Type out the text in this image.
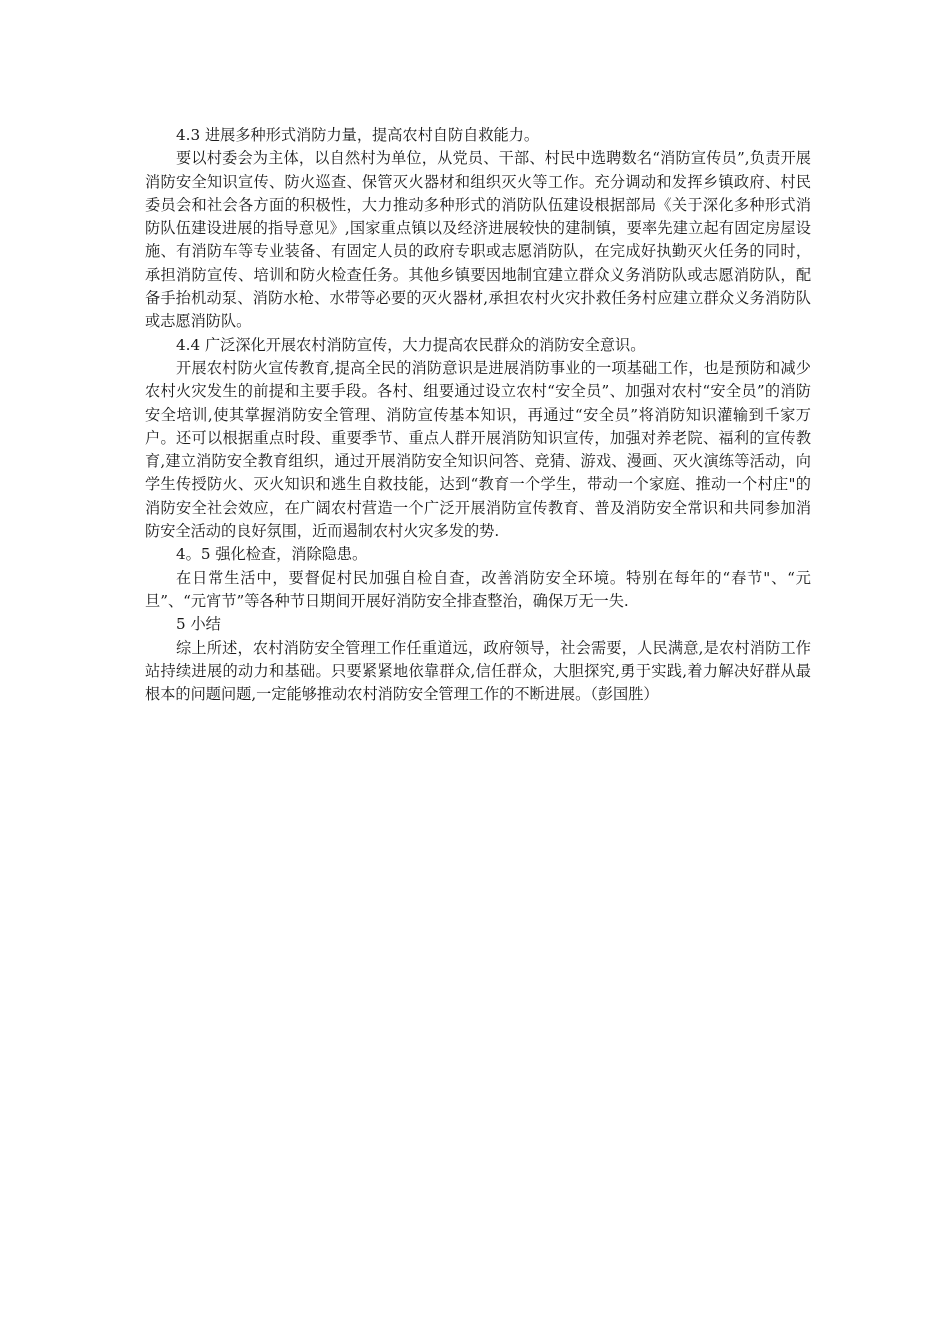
4.3 进展多种形式消防力量，提高农村自防自救能力。

要以村委会为主体，以自然村为单位，从党员、干部、村民中选聘数名“消防宣传员”,负责开展消防安全知识宣传、防火巡查、保管灭火器材和组织灭火等工作。充分调动和发挥乡镇政府、村民委员会和社会各方面的积极性，大力推动多种形式的消防队伍建设根据部局《关于深化多种形式消防队伍建设进展的指导意见》,国家重点镇以及经济进展较快的建制镇，要率先建立起有固定房屋设施、有消防车等专业装备、有固定人员的政府专职或志愿消防队，在完成好执勤灭火任务的同时，承担消防宣传、培训和防火检查任务。其他乡镇要因地制宜建立群众义务消防队或志愿消防队，配备手抬机动泵、消防水枪、水带等必要的灭火器材,承担农村火灾扑救任务村应建立群众义务消防队或志愿消防队。

4.4 广泛深化开展农村消防宣传，大力提高农民群众的消防安全意识。

开展农村防火宣传教育,提高全民的消防意识是进展消防事业的一项基础工作，也是预防和减少农村火灾发生的前提和主要手段。各村、组要通过设立农村“安全员”、加强对农村“安全员”的消防安全培训,使其掌握消防安全管理、消防宣传基本知识，再通过“安全员”将消防知识灌输到千家万户。还可以根据重点时段、重要季节、重点人群开展消防知识宣传，加强对养老院、福利的宣传教育,建立消防安全教育组织，通过开展消防安全知识问答、竞猜、游戏、漫画、灭火演练等活动，向学生传授防火、灭火知识和逃生自救技能，达到“教育一个学生，带动一个家庭、推动一个村庄"的消防安全社会效应，在广阔农村营造一个广泛开展消防宣传教育、普及消防安全常识和共同参加消防安全活动的良好氛围，近而遏制农村火灾多发的势.

4。5 强化检查，消除隐患。

在日常生活中，要督促村民加强自检自查，改善消防安全环境。特别在每年的“春节"、“元旦”、“元宵节”等各种节日期间开展好消防安全排查整治，确保万无一失.

5 小结

综上所述，农村消防安全管理工作任重道远，政府领导，社会需要，人民满意,是农村消防工作站持续进展的动力和基础。只要紧紧地依靠群众,信任群众，大胆探究,勇于实践,着力解决好群从最根本的问题问题,一定能够推动农村消防安全管理工作的不断进展。（彭国胜）
